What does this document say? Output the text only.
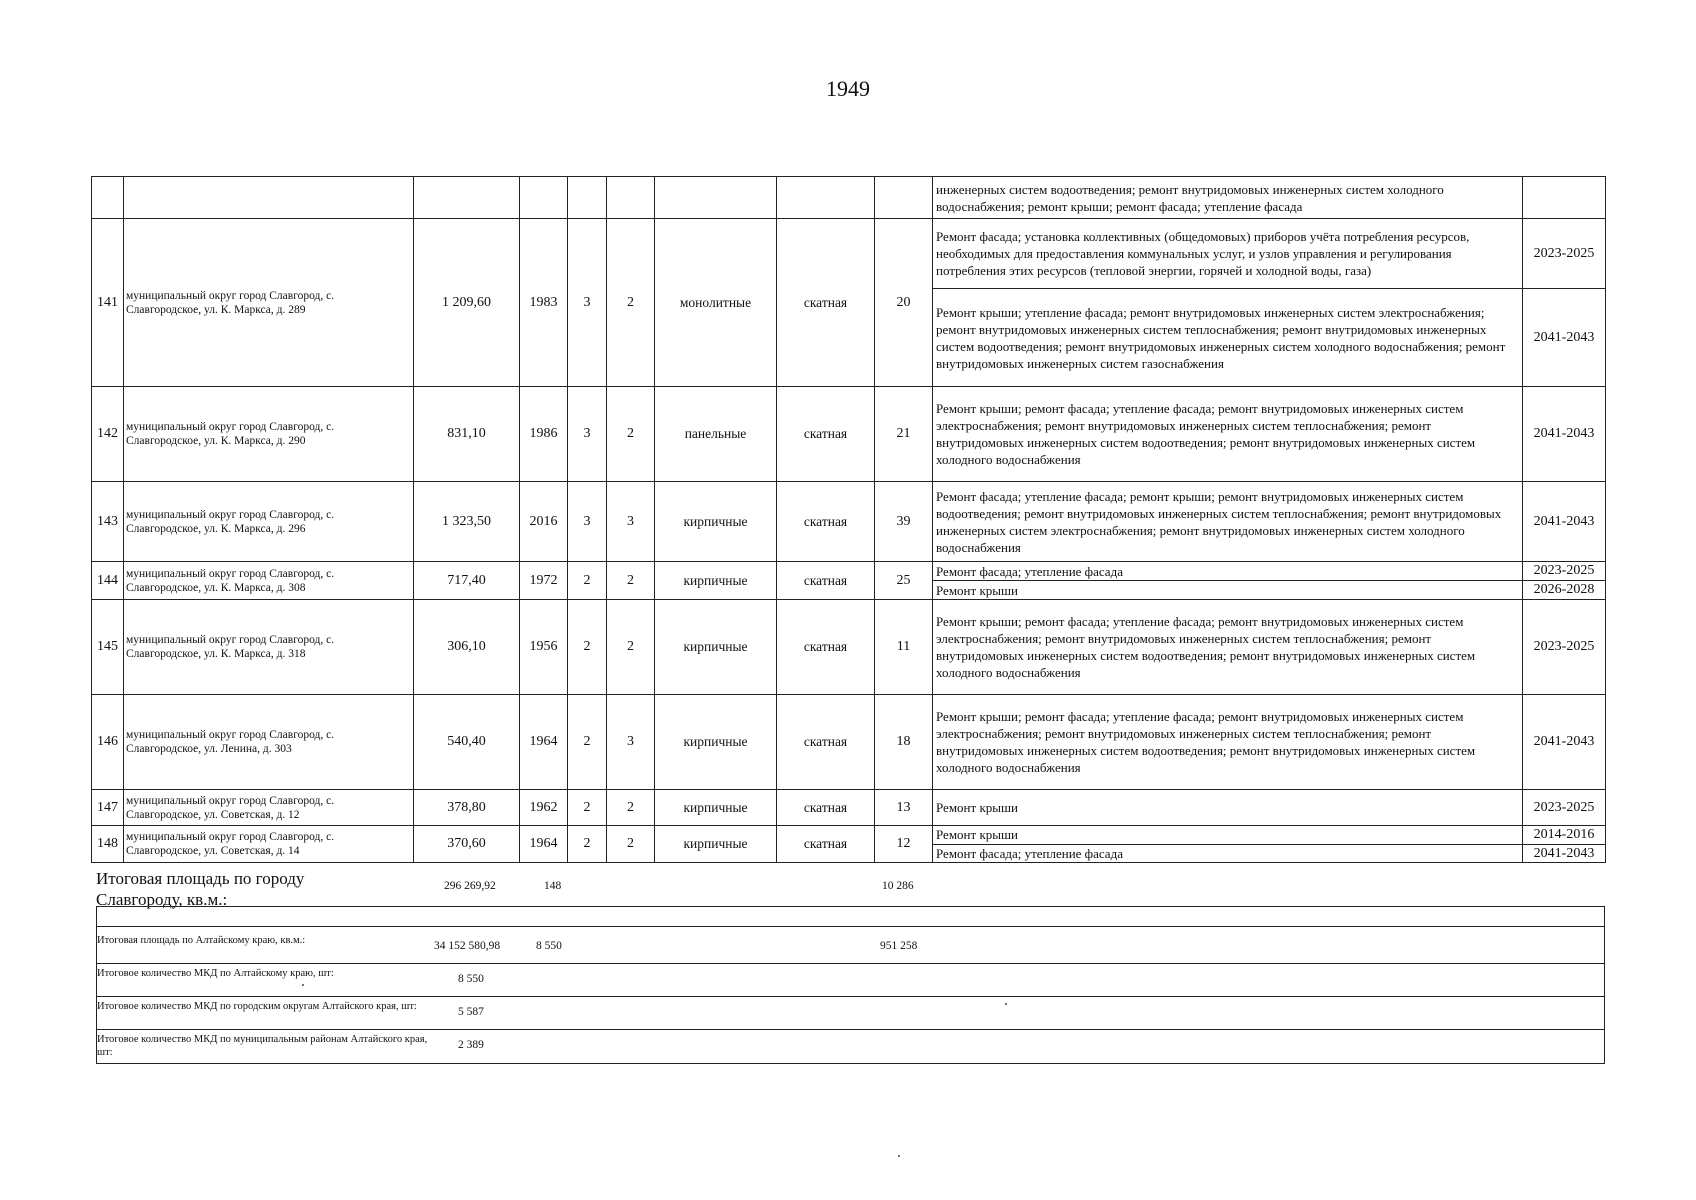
1949
									инженерных систем водоотведения; ремонт внутридомовых инженерных систем холодного водоснабжения; ремонт крыши; ремонт фасада; утепление фасада	
141	муниципальный округ город Славгород, с. Славгородское, ул. К. Маркса, д. 289	1 209,60	1983	3	2	монолитные	скатная	20	Ремонт фасада; установка коллективных (общедомовых) приборов учёта потребления ресурсов, необходимых для предоставления коммунальных услуг, и узлов управления и регулирования потребления этих ресурсов (тепловой энергии, горячей и холодной воды, газа)	2023-2025
									Ремонт крыши; утепление фасада; ремонт внутридомовых инженерных систем электроснабжения; ремонт внутридомовых инженерных систем теплоснабжения; ремонт внутридомовых инженерных систем водоотведения; ремонт внутридомовых инженерных систем холодного водоснабжения; ремонт внутридомовых инженерных систем газоснабжения	2041-2043
142	муниципальный округ город Славгород, с. Славгородское, ул. К. Маркса, д. 290	831,10	1986	3	2	панельные	скатная	21	Ремонт крыши; ремонт фасада; утепление фасада; ремонт внутридомовых инженерных систем электроснабжения; ремонт внутридомовых инженерных систем теплоснабжения; ремонт внутридомовых инженерных систем водоотведения; ремонт внутридомовых инженерных систем холодного водоснабжения	2041-2043
143	муниципальный округ город Славгород, с. Славгородское, ул. К. Маркса, д. 296	1 323,50	2016	3	3	кирпичные	скатная	39	Ремонт фасада; утепление фасада; ремонт крыши; ремонт внутридомовых инженерных систем водоотведения; ремонт внутридомовых инженерных систем теплоснабжения; ремонт внутридомовых инженерных систем электроснабжения; ремонт внутридомовых инженерных систем холодного водоснабжения	2041-2043
144	муниципальный округ город Славгород, с. Славгородское, ул. К. Маркса, д. 308	717,40	1972	2	2	кирпичные	скатная	25	Ремонт фасада; утепление фасада	2023-2025
									Ремонт крыши	2026-2028
145	муниципальный округ город Славгород, с. Славгородское, ул. К. Маркса, д. 318	306,10	1956	2	2	кирпичные	скатная	11	Ремонт крыши; ремонт фасада; утепление фасада; ремонт внутридомовых инженерных систем электроснабжения; ремонт внутридомовых инженерных систем теплоснабжения; ремонт внутридомовых инженерных систем водоотведения; ремонт внутридомовых инженерных систем холодного водоснабжения	2023-2025
146	муниципальный округ город Славгород, с. Славгородское, ул. Ленина, д. 303	540,40	1964	2	3	кирпичные	скатная	18	Ремонт крыши; ремонт фасада; утепление фасада; ремонт внутридомовых инженерных систем электроснабжения; ремонт внутридомовых инженерных систем теплоснабжения; ремонт внутридомовых инженерных систем водоотведения; ремонт внутридомовых инженерных систем холодного водоснабжения	2041-2043
147	муниципальный округ город Славгород, с. Славгородское, ул. Советская, д. 12	378,80	1962	2	2	кирпичные	скатная	13	Ремонт крыши	2023-2025
148	муниципальный округ город Славгород, с. Славгородское, ул. Советская, д. 14	370,60	1964	2	2	кирпичные	скатная	12	Ремонт крыши	2014-2016
									Ремонт фасада; утепление фасада	2041-2043
Итоговая площадь по городу Славгороду, кв.м.:
296 269,92	148	10 286
Итоговая площадь по Алтайскому краю, кв.м.:	34 152 580,98	8 550	951 258
Итоговое количество МКД по Алтайскому краю, шт:	8 550
Итоговое количество МКД по городским округам Алтайского края, шт:	5 587
Итоговое количество МКД по муниципальным районам Алтайского края, шт:
2 389
